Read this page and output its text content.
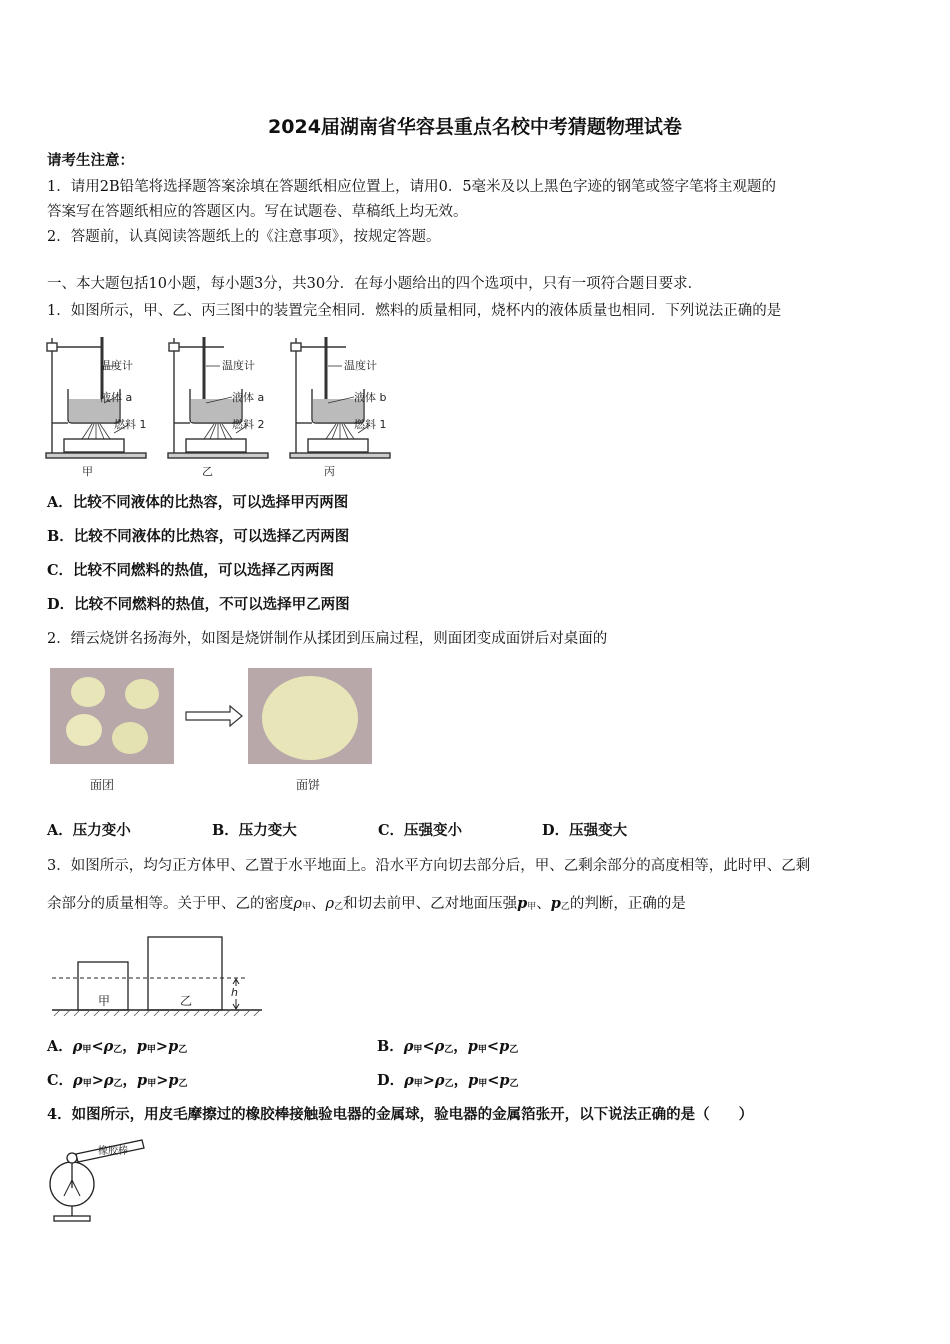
2024届湖南省华容县重点名校中考猜题物理试卷
请考生注意：
1．请用2B铅笔将选择题答案涂填在答题纸相应位置上，请用0．5毫米及以上黑色字迹的钢笔或签字笔将主观题的
答案写在答题纸相应的答题区内。写在试题卷、草稿纸上均无效。
2．答题前，认真阅读答题纸上的《注意事项》，按规定答题。
一、本大题包括10小题，每小题3分，共30分．在每小题给出的四个选项中，只有一项符合题目要求．
1．如图所示，甲、乙、丙三图中的装置完全相同．燃料的质量相同，烧杯内的液体质量也相同．下列说法正确的是
温度计
液体 a
燃料 1
甲
温度计
液体 a
燃料 2
乙
温度计
液体 b
燃料 1
丙
A．比较不同液体的比热容，可以选择甲丙两图
B．比较不同液体的比热容，可以选择乙丙两图
C．比较不同燃料的热值，可以选择乙丙两图
D．比较不同燃料的热值，不可以选择甲乙两图
2．缙云烧饼名扬海外，如图是烧饼制作从揉团到压扁过程，则面团变成面饼后对桌面的
面团	面饼
A．压力变小	B．压力变大	C．压强变小	D．压强变大
3．如图所示，均匀正方体甲、乙置于水平地面上。沿水平方向切去部分后，甲、乙剩余部分的高度相等，此时甲、乙剩
余部分的质量相等。关于甲、乙的密度ρ甲、ρ乙和切去前甲、乙对地面压强p甲、p乙的判断，正确的是
甲	乙
h
A．ρ甲<ρ乙，p甲>p乙	B．ρ甲<ρ乙，p甲<p乙
C．ρ甲>ρ乙，p甲>p乙	D．ρ甲>ρ乙，p甲<p乙
4．如图所示，用皮毛摩擦过的橡胶棒接触验电器的金属球，验电器的金属箔张开，以下说法正确的是（　　）
橡胶棒
